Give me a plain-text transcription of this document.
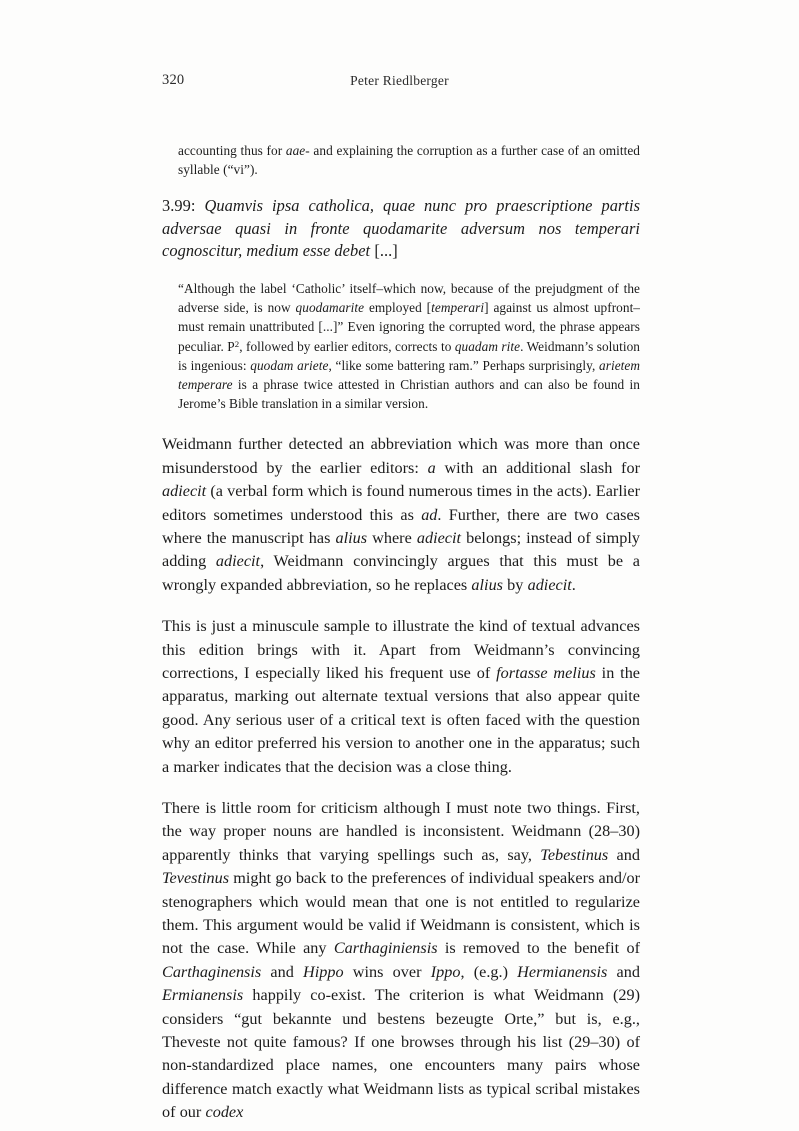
320	Peter Riedlberger

accounting thus for aae- and explaining the corruption as a further case of an omitted syllable (“vi”).

3.99: Quamvis ipsa catholica, quae nunc pro praescriptione partis adversae quasi in fronte quodamarite adversum nos temperari cognoscitur, medium esse debet [...]

“Although the label ‘Catholic’ itself–which now, because of the prejudgment of the adverse side, is now quodamarite employed [temperari] against us almost upfront–must remain unattributed [...]” Even ignoring the corrupted word, the phrase appears peculiar. $P^2$, followed by earlier editors, corrects to quadam rite. Weidmann’s solution is ingenious: quodam ariete, “like some battering ram.” Perhaps surprisingly, arietem temperare is a phrase twice attested in Christian authors and can also be found in Jerome’s Bible translation in a similar version.

Weidmann further detected an abbreviation which was more than once misunderstood by the earlier editors: a with an additional slash for adiecit (a verbal form which is found numerous times in the acts). Earlier editors sometimes understood this as ad. Further, there are two cases where the manuscript has alius where adiecit belongs; instead of simply adding adiecit, Weidmann convincingly argues that this must be a wrongly expanded abbreviation, so he replaces alius by adiecit.

This is just a minuscule sample to illustrate the kind of textual advances this edition brings with it. Apart from Weidmann’s convincing corrections, I especially liked his frequent use of fortasse melius in the apparatus, marking out alternate textual versions that also appear quite good. Any serious user of a critical text is often faced with the question why an editor preferred his version to another one in the apparatus; such a marker indicates that the decision was a close thing.

There is little room for criticism although I must note two things. First, the way proper nouns are handled is inconsistent. Weidmann (28–30) apparently thinks that varying spellings such as, say, Tebestinus and Tevestinus might go back to the preferences of individual speakers and/or stenographers which would mean that one is not entitled to regularize them. This argument would be valid if Weidmann is consistent, which is not the case. While any Carthaginiensis is removed to the benefit of Carthaginensis and Hippo wins over Ippo, (e.g.) Hermianensis and Ermianensis happily co-exist. The criterion is what Weidmann (29) considers “gut bekannte und bestens bezeugte Orte,” but is, e.g., Theveste not quite famous? If one browses through his list (29–30) of non-standardized place names, one encounters many pairs whose difference match exactly what Weidmann lists as typical scribal mistakes of our codex
